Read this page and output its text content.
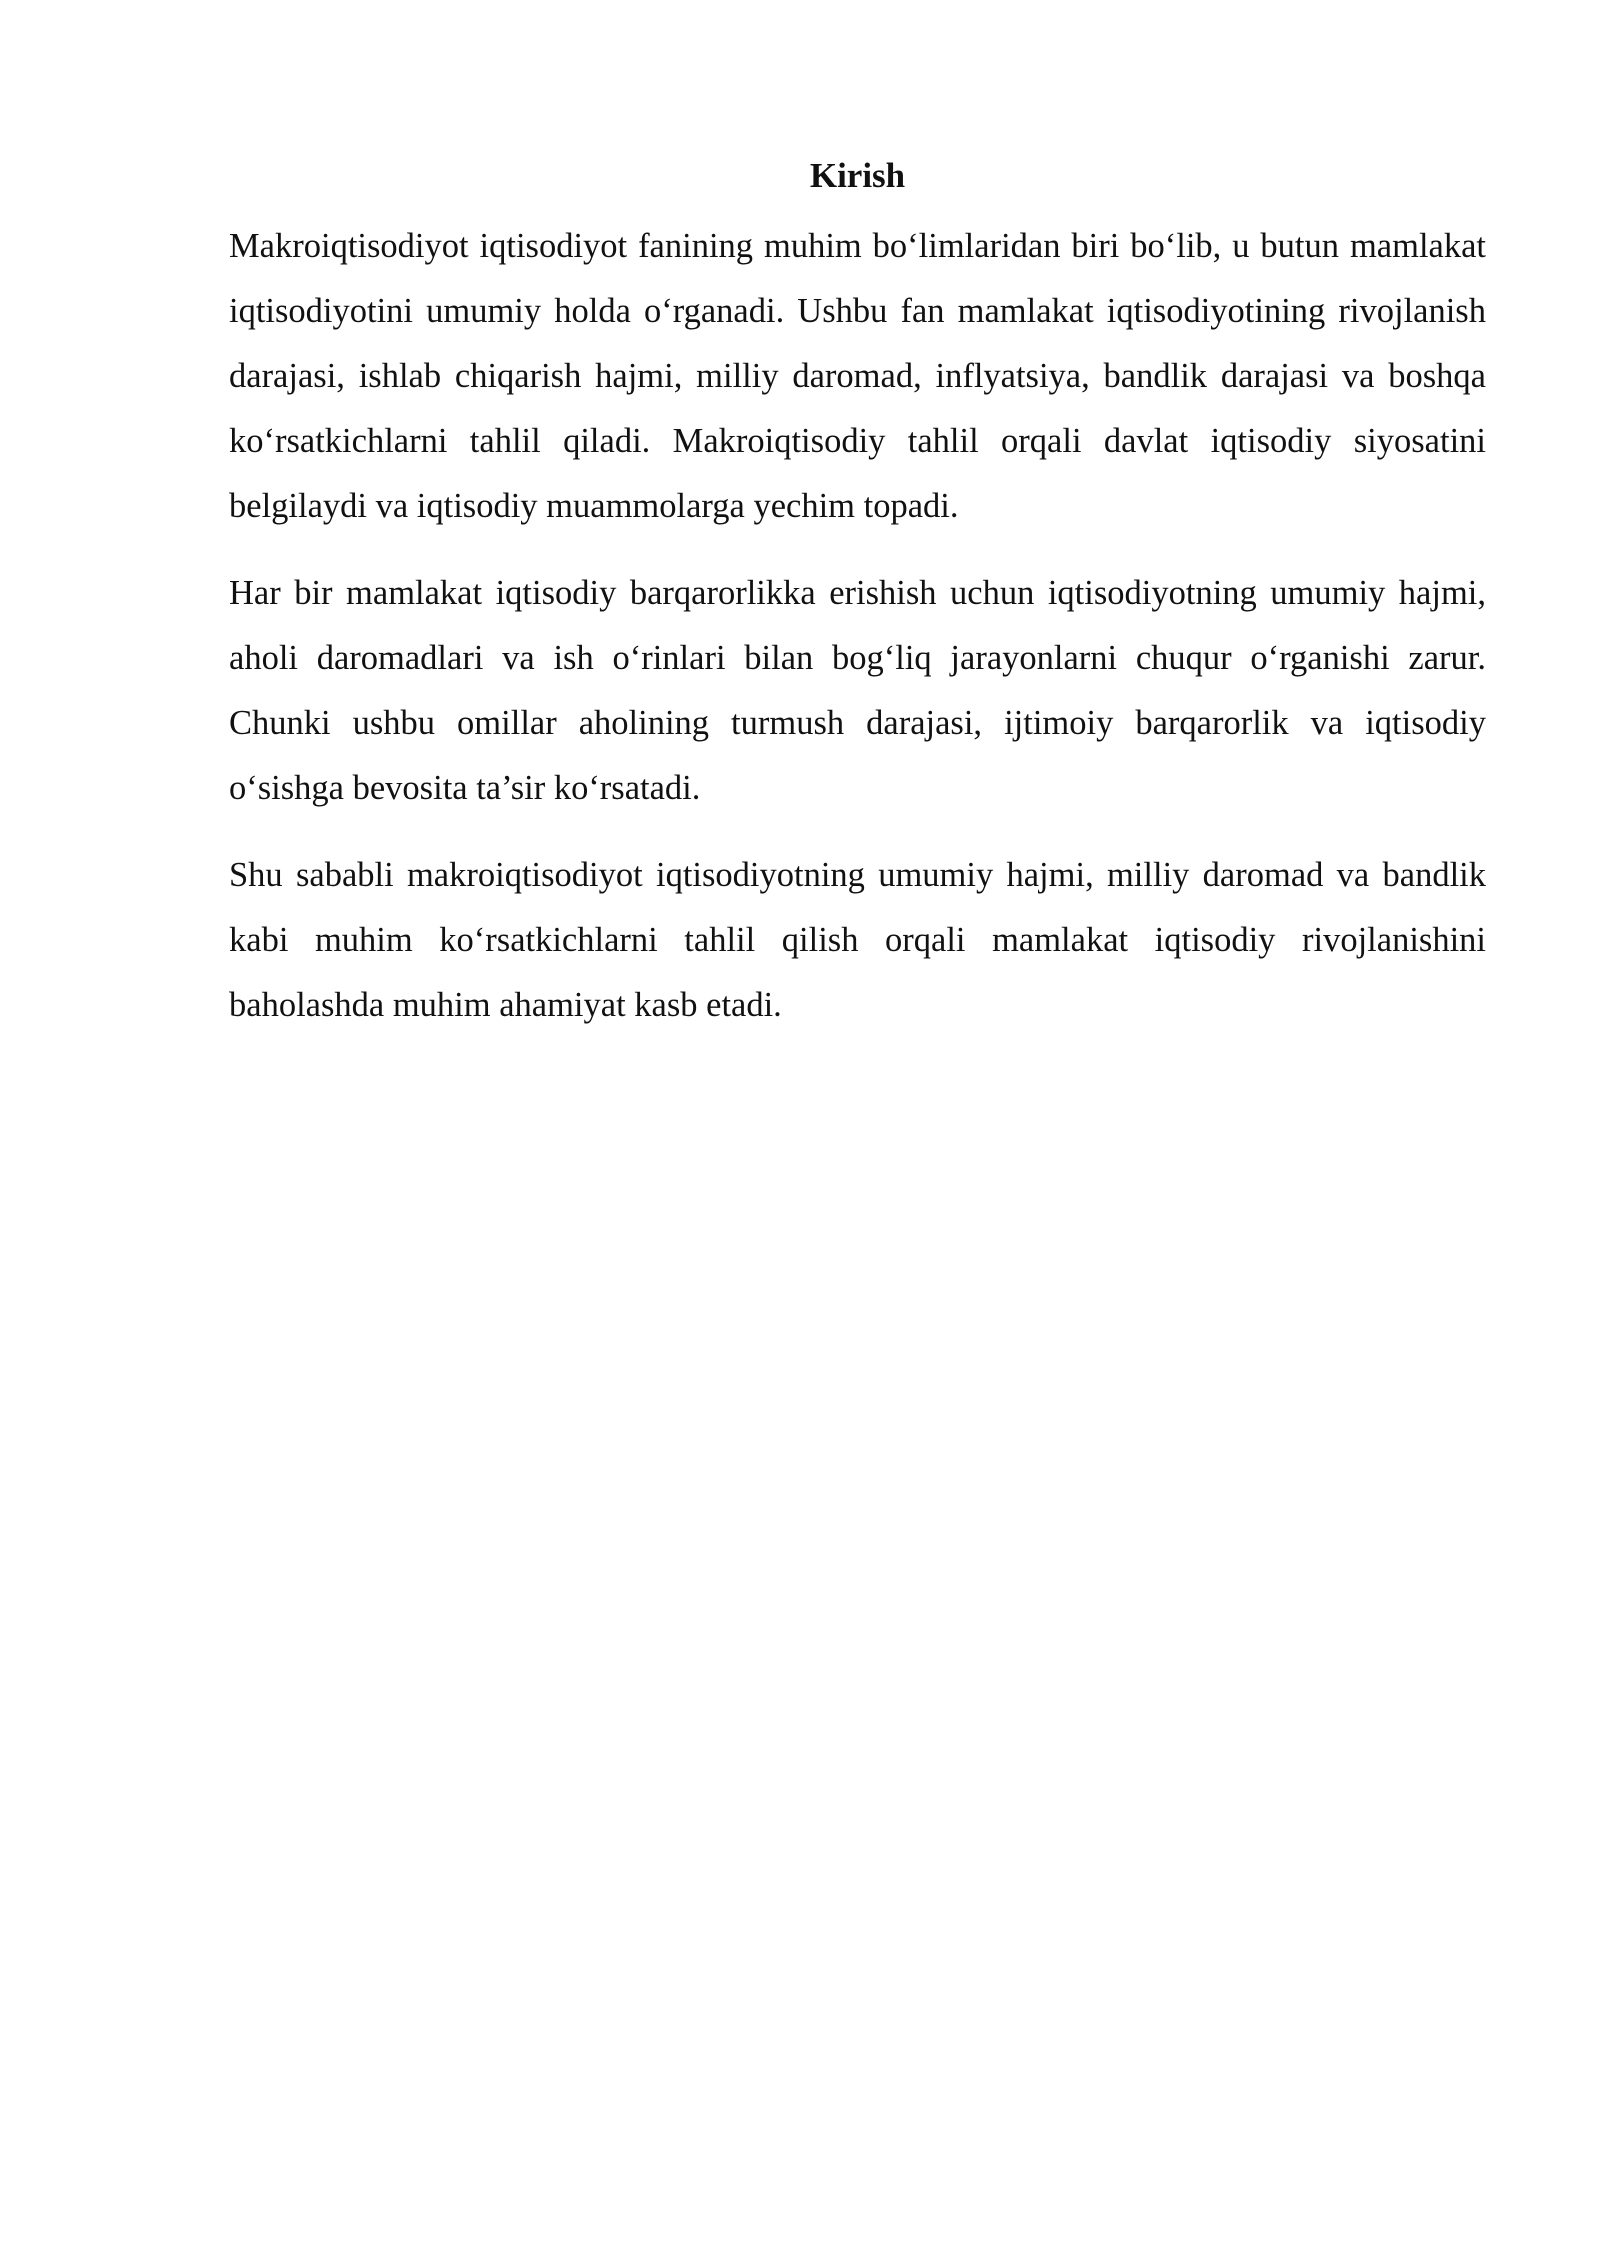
Kirish

Makroiqtisodiyot iqtisodiyot fanining muhim bo‘limlaridan biri bo‘lib, u butun mamlakat iqtisodiyotini umumiy holda o‘rganadi. Ushbu fan mamlakat iqtisodiyotining rivojlanish darajasi, ishlab chiqarish hajmi, milliy daromad, inflyatsiya, bandlik darajasi va boshqa ko‘rsatkichlarni tahlil qiladi. Makroiqtisodiy tahlil orqali davlat iqtisodiy siyosatini belgilaydi va iqtisodiy muammolarga yechim topadi.

Har bir mamlakat iqtisodiy barqarorlikka erishish uchun iqtisodiyotning umumiy hajmi, aholi daromadlari va ish o‘rinlari bilan bog‘liq jarayonlarni chuqur o‘rganishi zarur. Chunki ushbu omillar aholining turmush darajasi, ijtimoiy barqarorlik va iqtisodiy o‘sishga bevosita ta’sir ko‘rsatadi.

Shu sababli makroiqtisodiyot iqtisodiyotning umumiy hajmi, milliy daromad va bandlik kabi muhim ko‘rsatkichlarni tahlil qilish orqali mamlakat iqtisodiy rivojlanishini baholashda muhim ahamiyat kasb etadi.
